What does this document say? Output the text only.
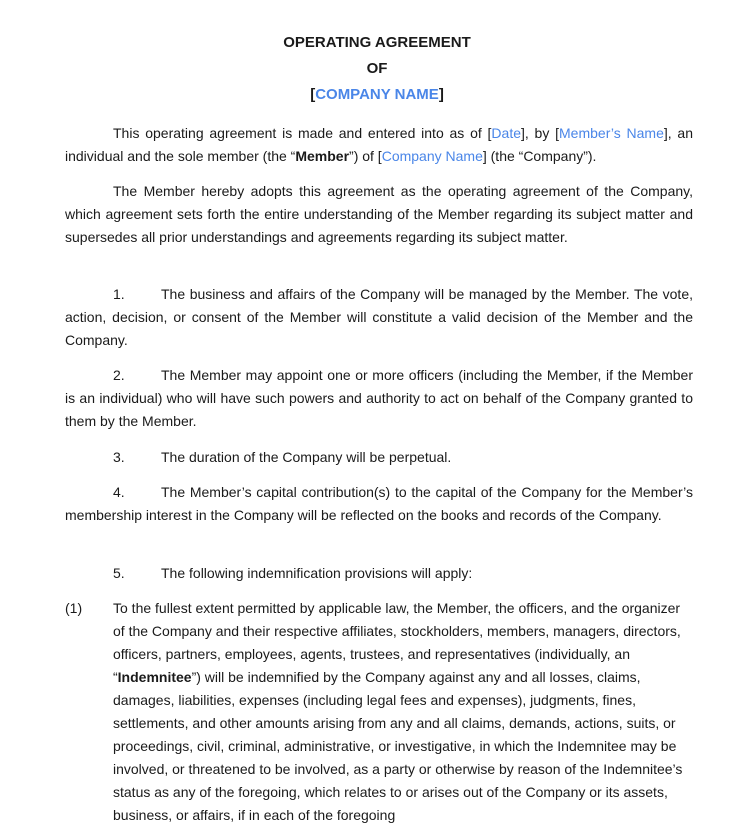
OPERATING AGREEMENT
OF
[COMPANY NAME]

This operating agreement is made and entered into as of [Date], by [Member’s Name], an individual and the sole member (the “Member”) of [Company Name] (the “Company”).

The Member hereby adopts this agreement as the operating agreement of the Company, which agreement sets forth the entire understanding of the Member regarding its subject matter and supersedes all prior understandings and agreements regarding its subject matter.

1.	The business and affairs of the Company will be managed by the Member. The vote, action, decision, or consent of the Member will constitute a valid decision of the Member and the Company.

2.	The Member may appoint one or more officers (including the Member, if the Member is an individual) who will have such powers and authority to act on behalf of the Company granted to them by the Member.

3.	The duration of the Company will be perpetual.

4.	The Member’s capital contribution(s) to the capital of the Company for the Member’s membership interest in the Company will be reflected on the books and records of the Company.

5.	The following indemnification provisions will apply:

(1) To the fullest extent permitted by applicable law, the Member, the officers, and the organizer of the Company and their respective affiliates, stockholders, members, managers, directors, officers, partners, employees, agents, trustees, and representatives (individually, an “Indemnitee”) will be indemnified by the Company against any and all losses, claims, damages, liabilities, expenses (including legal fees and expenses), judgments, fines, settlements, and other amounts arising from any and all claims, demands, actions, suits, or proceedings, civil, criminal, administrative, or investigative, in which the Indemnitee may be involved, or threatened to be involved, as a party or otherwise by reason of the Indemnitee’s status as any of the foregoing, which relates to or arises out of the Company or its assets, business, or affairs, if in each of the foregoing
